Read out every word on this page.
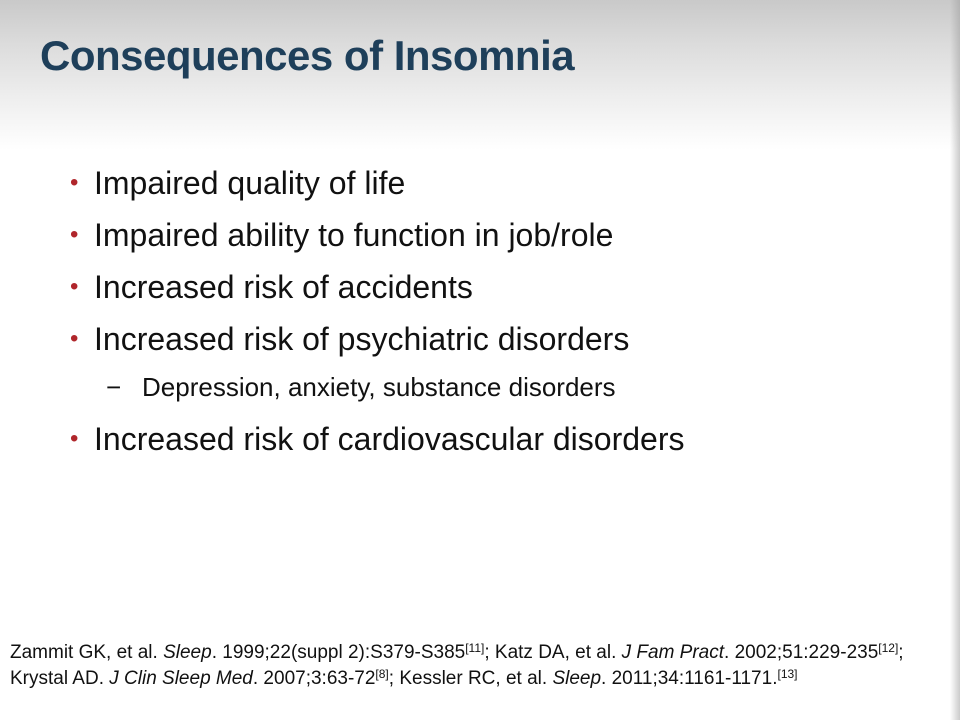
Consequences of Insomnia
• Impaired quality of life
• Impaired ability to function in job/role
• Increased risk of accidents
• Increased risk of psychiatric disorders
− Depression, anxiety, substance disorders
• Increased risk of cardiovascular disorders
Zammit GK, et al. Sleep. 1999;22(suppl 2):S379-S385[11]; Katz DA, et al. J Fam Pract. 2002;51:229-235[12]; Krystal AD. J Clin Sleep Med. 2007;3:63-72[8]; Kessler RC, et al. Sleep. 2011;34:1161-1171.[13]
